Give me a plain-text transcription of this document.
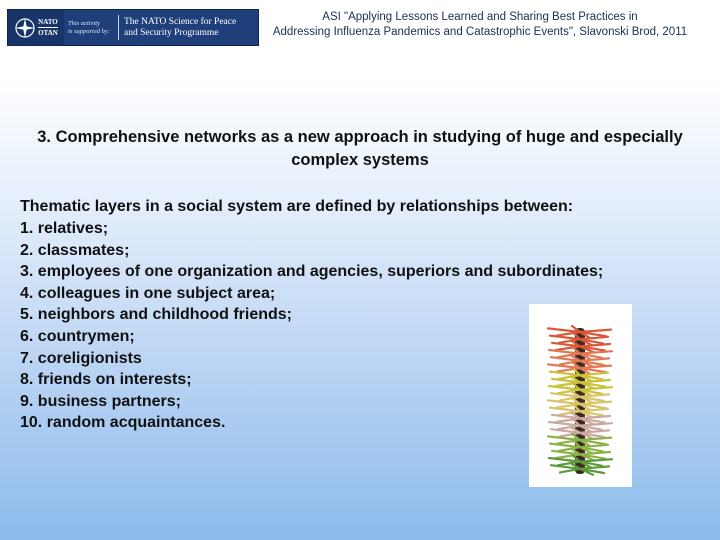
NATO
OTAN
This activity
is supported by:
The NATO Science for Peace
and Security Programme
ASI "Applying Lessons Learned and Sharing Best Practices in
Addressing Influenza Pandemics and Catastrophic Events", Slavonski Brod, 2011
3. Comprehensive networks as a new approach in studying of huge and especially complex systems
Thematic layers in a social system are defined by relationships between:
1. relatives;
2. classmates;
3. employees of one organization and agencies, superiors and subordinates;
4. colleagues in one subject area;
5. neighbors and childhood friends;
6. countrymen;
7. coreligionists
8. friends on interests;
9. business partners;
10. random acquaintances.
